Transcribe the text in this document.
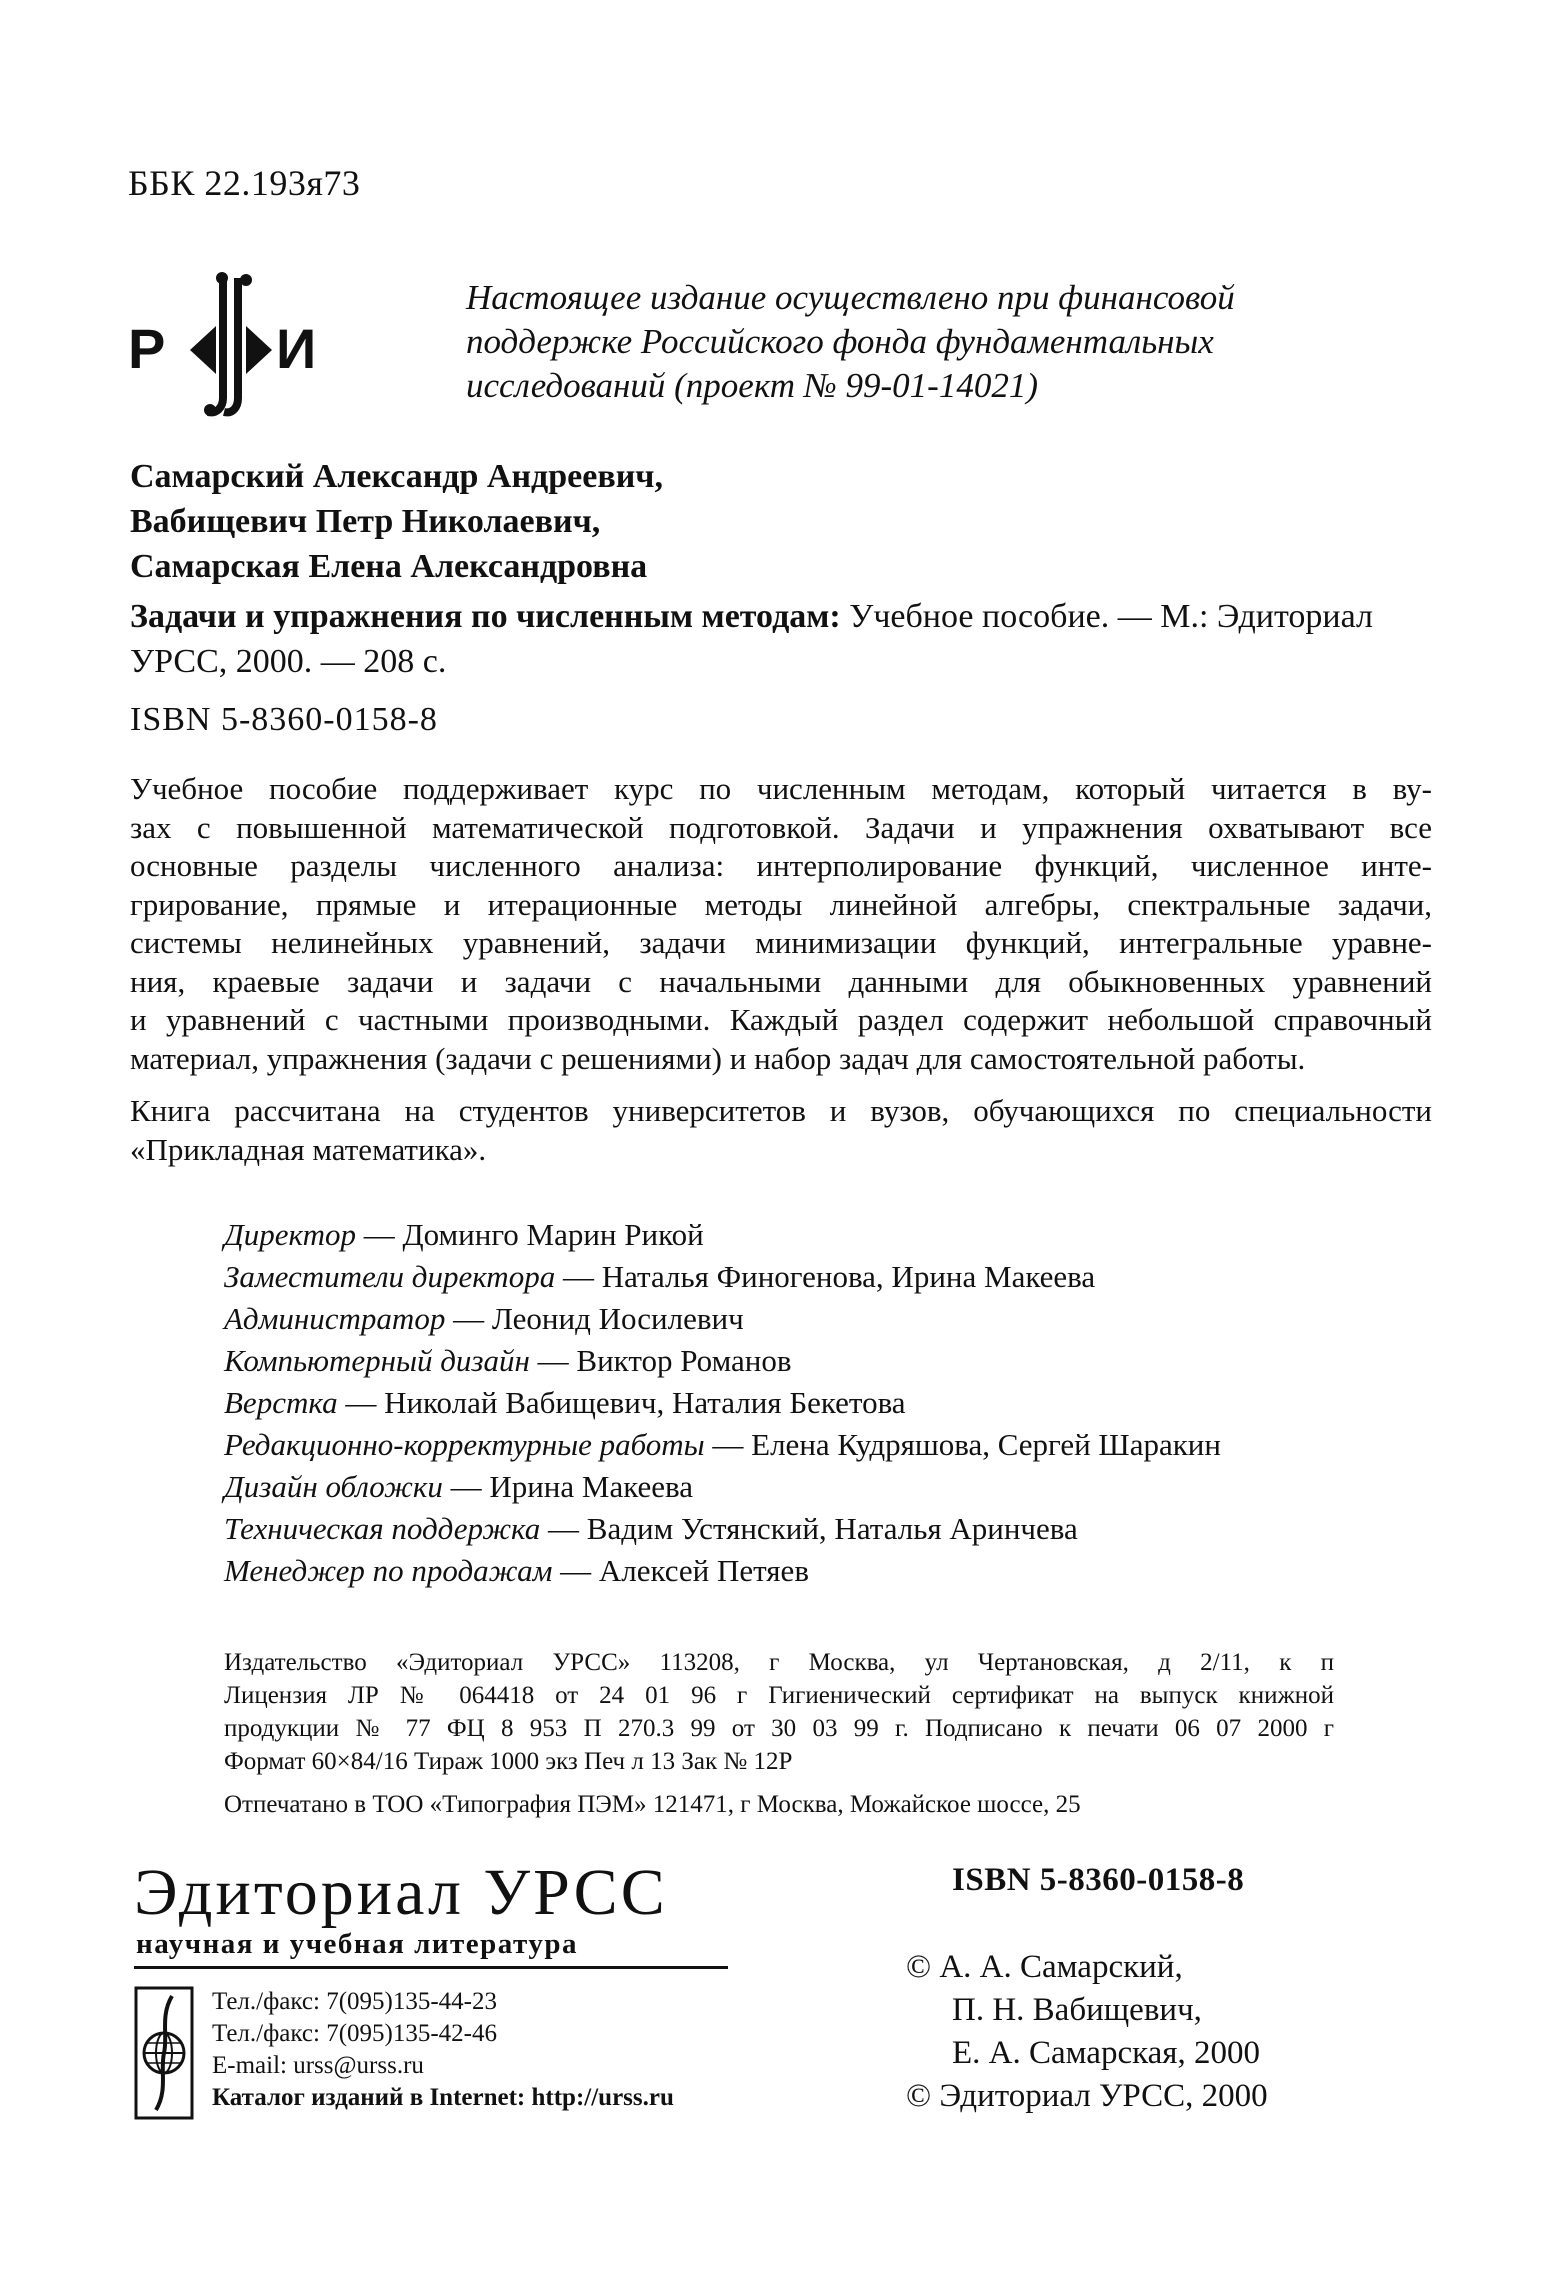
ББК 22.193я73
Р И
Настоящее издание осуществлено при финансовой
поддержке Российского фонда фундаментальных
исследований (проект № 99-01-14021)
Самарский Александр Андреевич,
Вабищевич Петр Николаевич,
Самарская Елена Александровна
Задачи и упражнения по численным методам: Учебное пособие. — М.: Эдиториал
УРСС, 2000. — 208 с.
ISBN 5-8360-0158-8
Учебное пособие поддерживает курс по численным методам, который читается в ву-
зах с повышенной математической подготовкой. Задачи и упражнения охватывают все
основные разделы численного анализа: интерполирование функций, численное инте-
грирование, прямые и итерационные методы линейной алгебры, спектральные задачи,
системы нелинейных уравнений, задачи минимизации функций, интегральные уравне-
ния, краевые задачи и задачи с начальными данными для обыкновенных уравнений
и уравнений с частными производными. Каждый раздел содержит небольшой справочный
материал, упражнения (задачи с решениями) и набор задач для самостоятельной работы.
Книга рассчитана на студентов университетов и вузов, обучающихся по специальности
«Прикладная математика».
Директор — Доминго Марин Рикой
Заместители директора — Наталья Финогенова, Ирина Макеева
Администратор — Леонид Иосилевич
Компьютерный дизайн — Виктор Романов
Верстка — Николай Вабищевич, Наталия Бекетова
Редакционно-корректурные работы — Елена Кудряшова, Сергей Шаракин
Дизайн обложки — Ирина Макеева
Техническая поддержка — Вадим Устянский, Наталья Аринчева
Менеджер по продажам — Алексей Петяев
Издательство «Эдиториал УРСС» 113208, г Москва, ул Чертановская, д 2/11, к п
Лицензия ЛР № 064418 от 24 01 96 г Гигиенический сертификат на выпуск книжной
продукции № 77 ФЦ 8 953 П 270.3 99 от 30 03 99 г. Подписано к печати 06 07 2000 г
Формат 60×84/16 Тираж 1000 экз Печ л 13 Зак № 12Р
Отпечатано в ТОО «Типография ПЭМ» 121471, г Москва, Можайское шоссе, 25
Эдиториал УРСС
научная и учебная литература
Тел./факс: 7(095)135-44-23
Тел./факс: 7(095)135-42-46
E-mail: urss@urss.ru
Каталог изданий в Internet: http://urss.ru
ISBN 5-8360-0158-8
© А. А. Самарский,
П. Н. Вабищевич,
Е. А. Самарская, 2000
© Эдиториал УРСС, 2000
